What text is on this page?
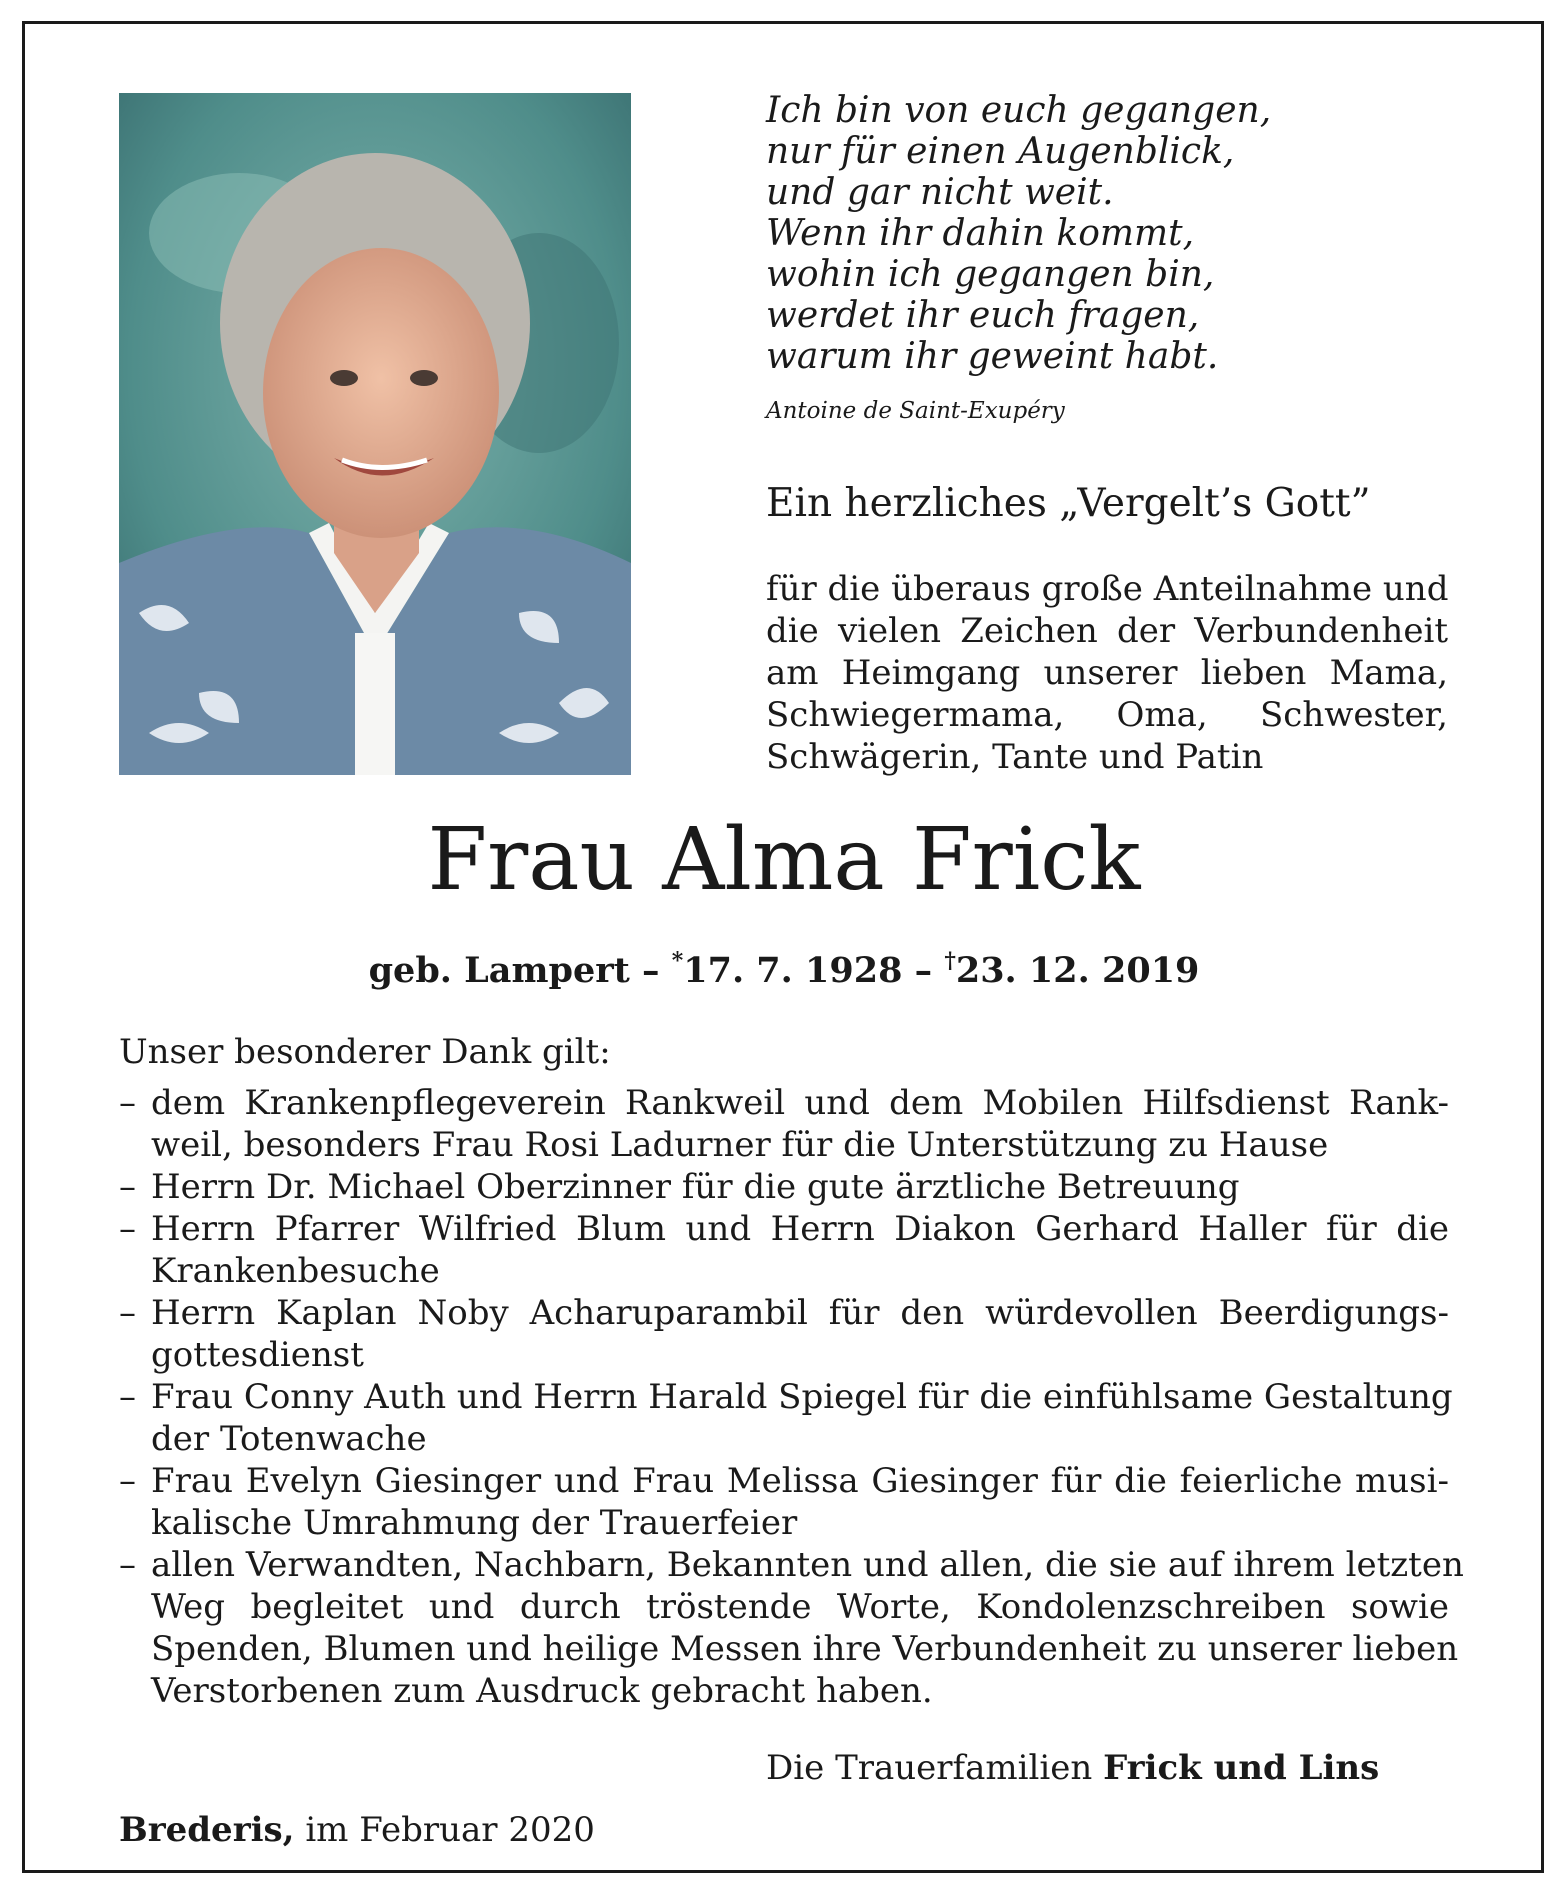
Ich bin von euch gegangen,
nur für einen Augenblick,
und gar nicht weit.
Wenn ihr dahin kommt,
wohin ich gegangen bin,
werdet ihr euch fragen,
warum ihr geweint habt.
Antoine de Saint-Exupéry
Ein herzliches „Vergelt’s Gott”
für die überaus große Anteilnahme und
die vielen Zeichen der Verbundenheit
am Heimgang unserer lieben Mama,
Schwiegermama, Oma, Schwester,
Schwägerin, Tante und Patin
Frau Alma Frick
geb. Lampert – *17. 7. 1928 – †23. 12. 2019
Unser besonderer Dank gilt:
– dem Krankenpflegeverein Rankweil und dem Mobilen Hilfsdienst Rank-
weil, besonders Frau Rosi Ladurner für die Unterstützung zu Hause
– Herrn Dr. Michael Oberzinner für die gute ärztliche Betreuung
– Herrn Pfarrer Wilfried Blum und Herrn Diakon Gerhard Haller für die
Krankenbesuche
– Herrn Kaplan Noby Acharuparambil für den würdevollen Beerdigungs-
gottesdienst
– Frau Conny Auth und Herrn Harald Spiegel für die einfühlsame Gestaltung
der Totenwache
– Frau Evelyn Giesinger und Frau Melissa Giesinger für die feierliche musi-
kalische Umrahmung der Trauerfeier
– allen Verwandten, Nachbarn, Bekannten und allen, die sie auf ihrem letzten
Weg begleitet und durch tröstende Worte, Kondolenzschreiben sowie
Spenden, Blumen und heilige Messen ihre Verbundenheit zu unserer lieben
Verstorbenen zum Ausdruck gebracht haben.
Die Trauerfamilien Frick und Lins
Brederis, im Februar 2020
